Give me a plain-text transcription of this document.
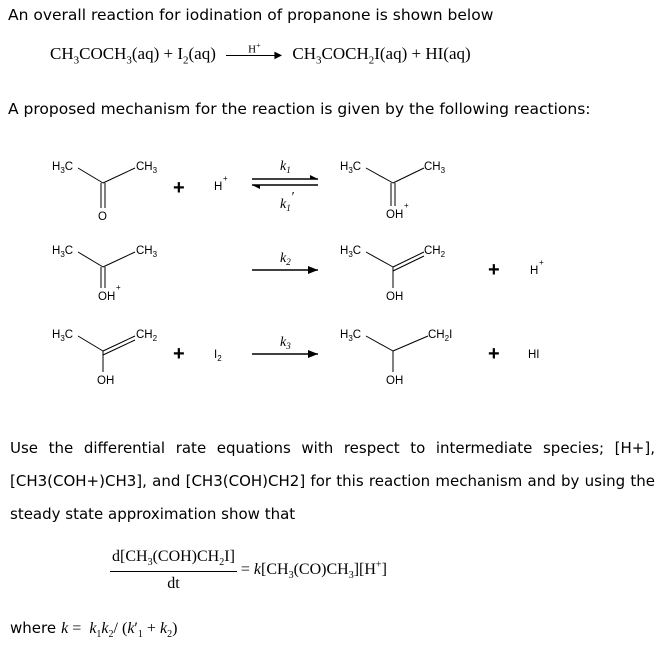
An overall reaction for iodination of propanone is shown below
$CH_3COCH_3(aq) + I_2(aq)$	H+
▶ $CH_3COCH_2I(aq) + HI(aq)$
A proposed mechanism for the reaction is given by the following reactions:
$H_3C$	$CH_3$
O
+	H
+
$k_1$
$k_1'$
$H_3C$	$CH_3$
OH
+
$H_3C$	$CH_3$
OH
+
$k_2$
$H_3C$	$CH_2$
OH
+	H
+
$H_3C$	$CH_2$
OH
+	$I_2$
$k_3$
$H_3C$	$CH_2I$
OH
+ HI
Use the differential rate equations with respect to intermediate species; [H+], [CH3(COH+)CH3], and [CH3(COH)CH2] for this reaction mechanism and by using the steady state approximation show that
$d[CH_3(COH)CH_2I]$
dt
= $k[CH_3(CO)CH_3][H^+]$
where $k = k_1k_2/$ $(k'_1 + k_2)$
